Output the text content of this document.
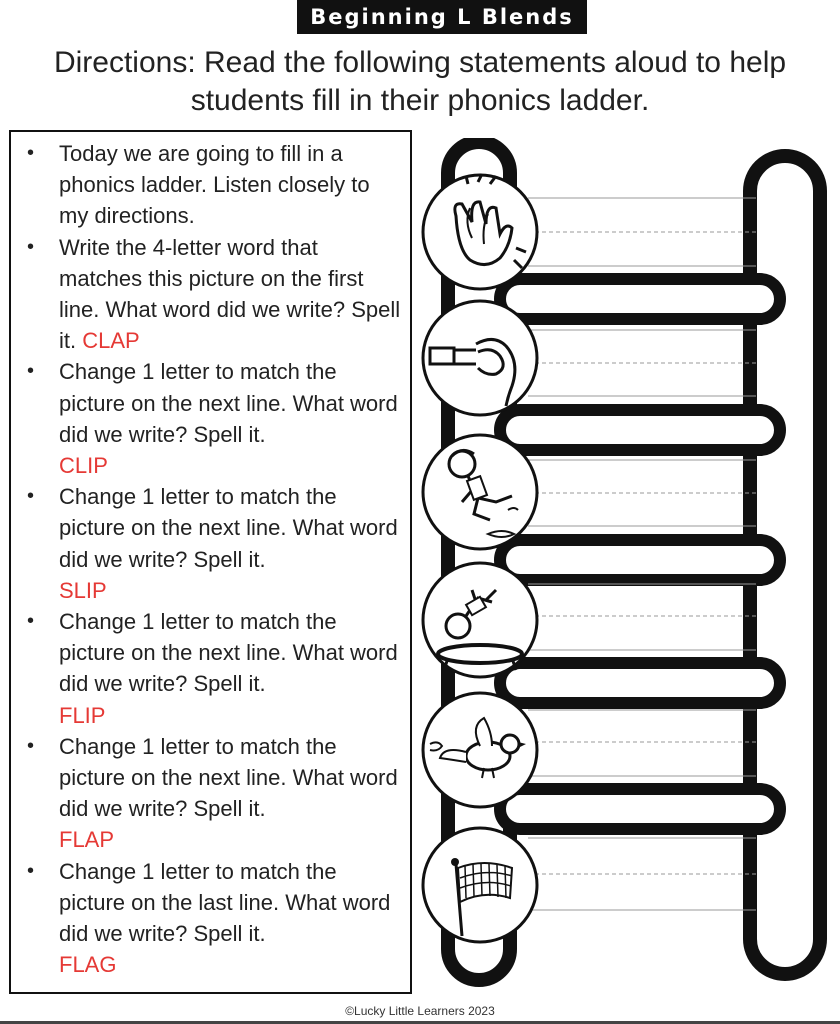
Beginning L Blends
Directions: Read the following statements aloud to help students fill in their phonics ladder.
• Today we are going to fill in a phonics ladder. Listen closely to my directions.
• Write the 4-letter word that matches this picture on the first line. What word did we write? Spell it. CLAP
• Change 1 letter to match the picture on the next line. What word did we write? Spell it.
CLIP
• Change 1 letter to match the picture on the next line. What word did we write? Spell it.
SLIP
• Change 1 letter to match the picture on the next line. What word did we write? Spell it.
FLIP
• Change 1 letter to match the picture on the next line. What word did we write? Spell it.
FLAP
• Change 1 letter to match the picture on the last line. What word did we write? Spell it.
FLAG
©Lucky Little Learners 2023
